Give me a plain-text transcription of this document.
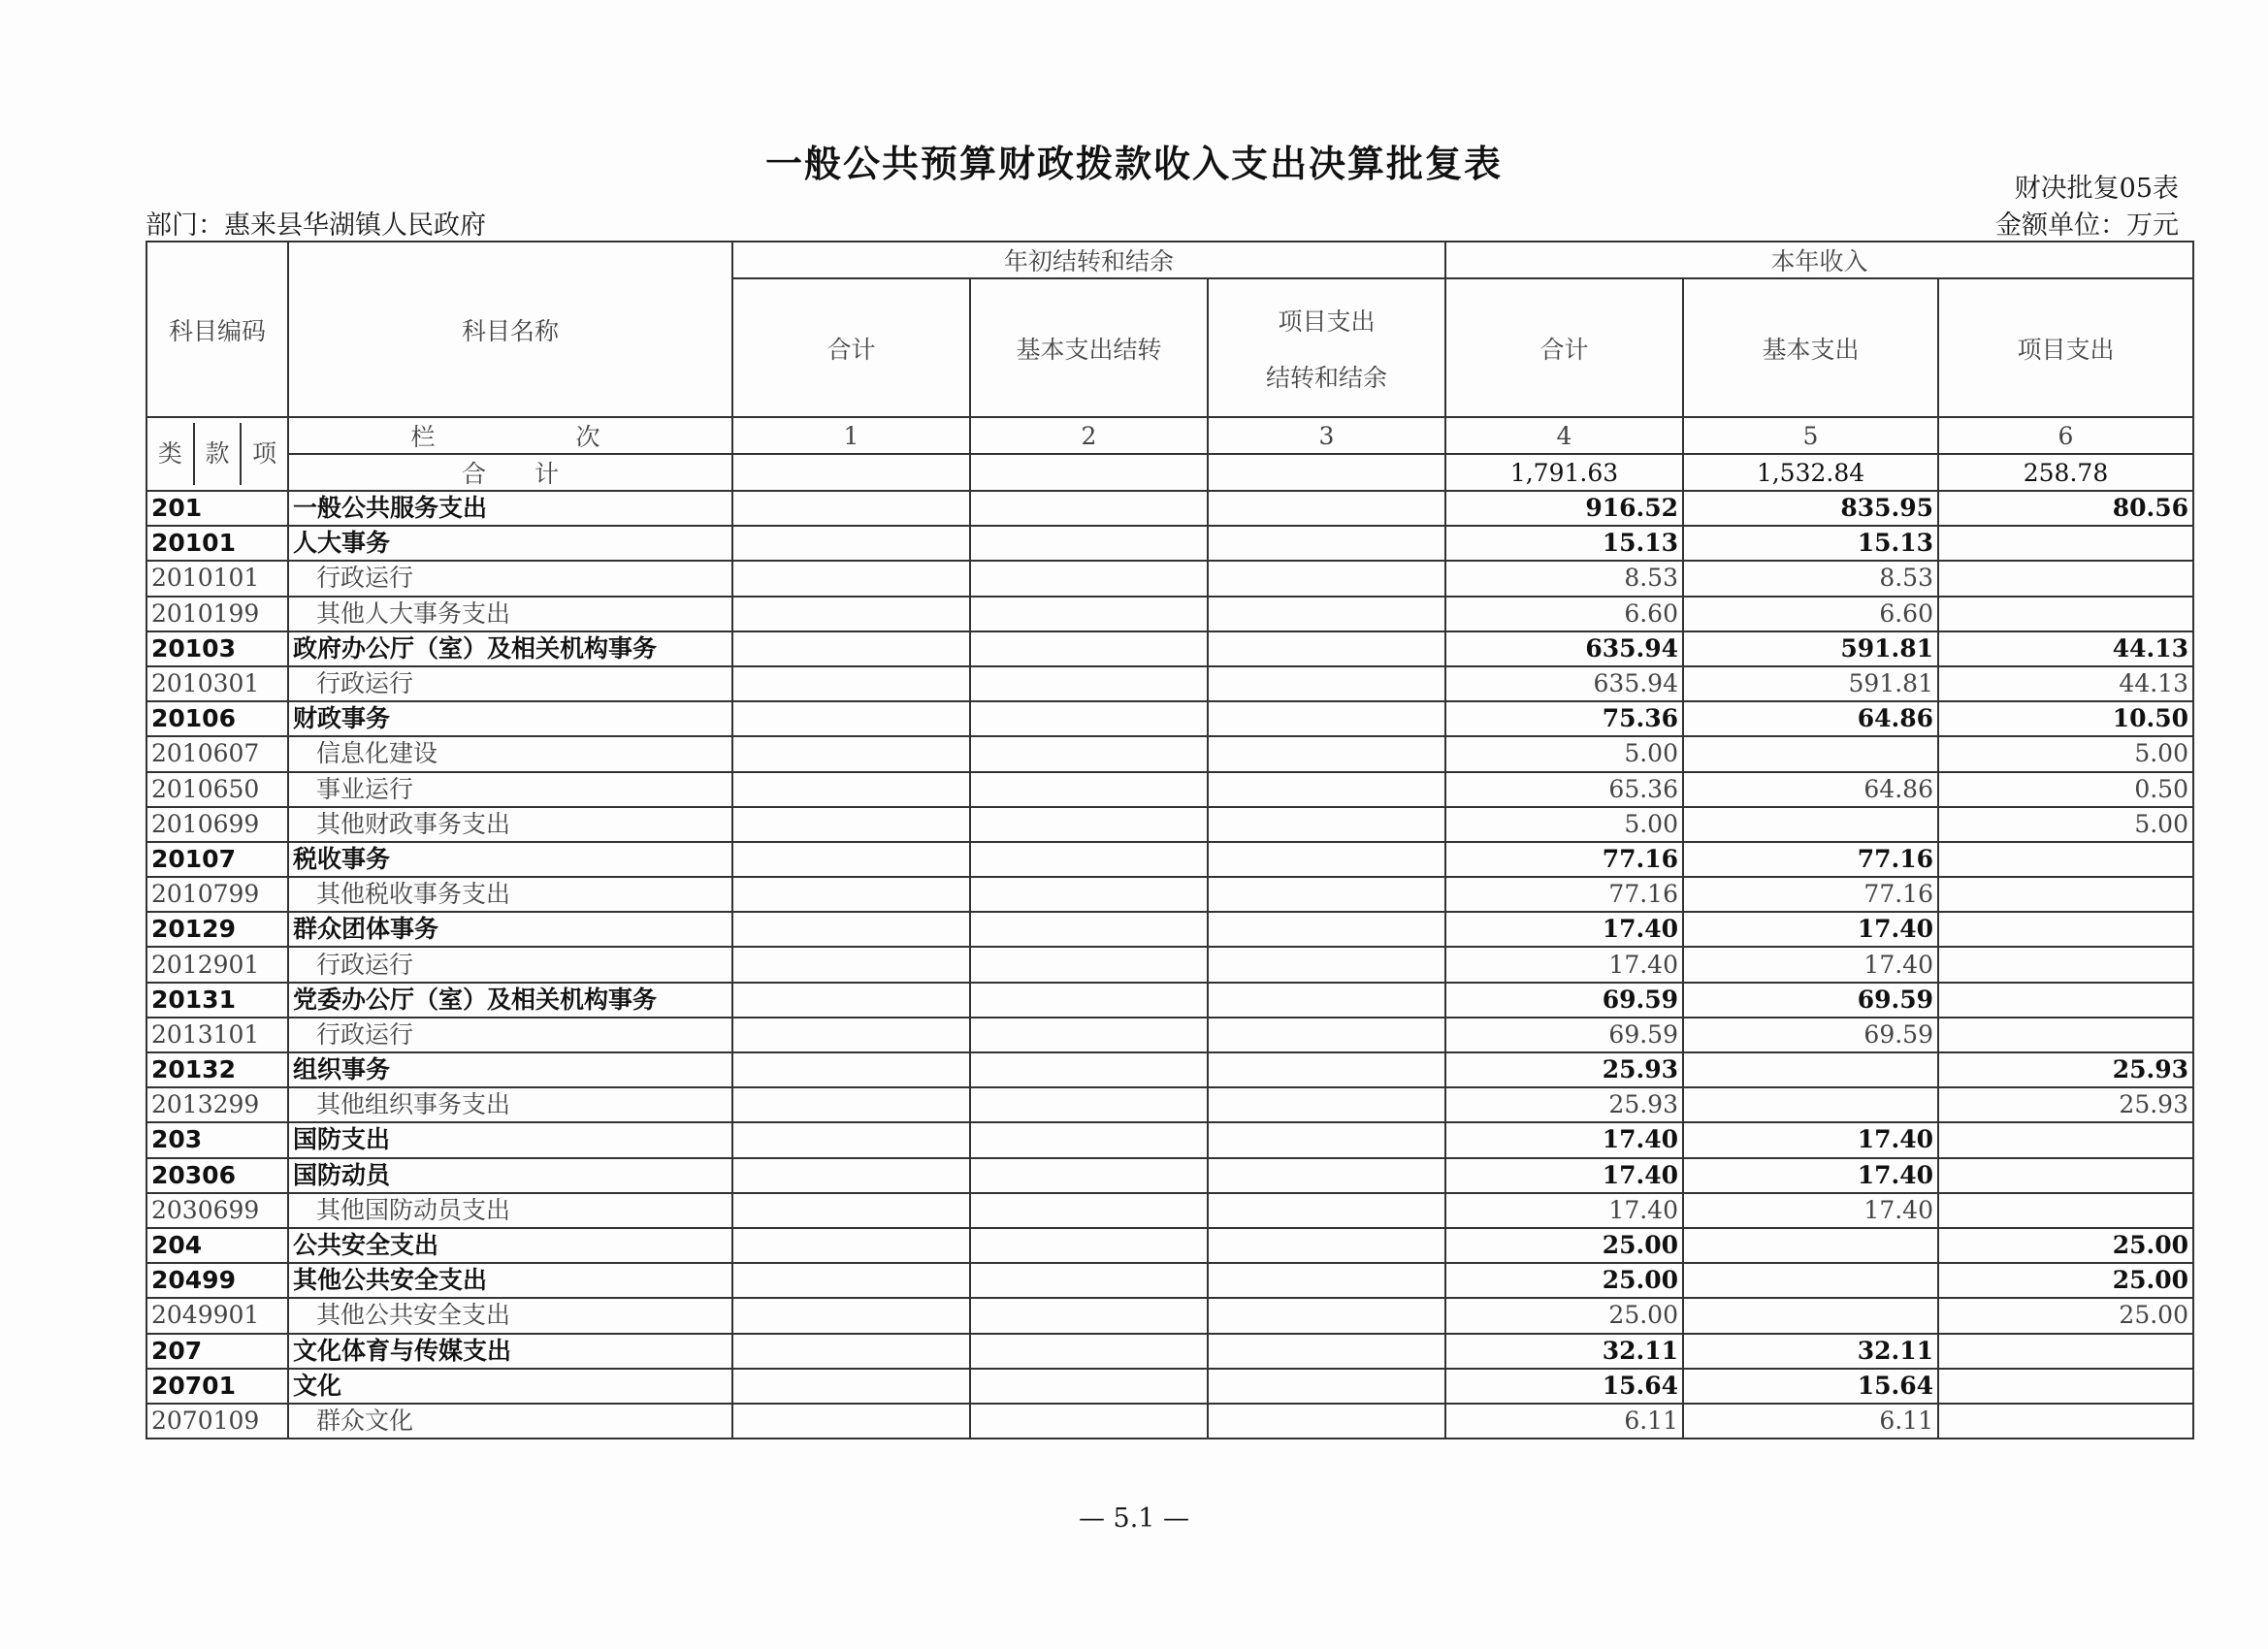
一般公共预算财政拨款收入支出决算批复表
财决批复05表
部门：惠来县华湖镇人民政府	金额单位：万元
科目编码	科目名称	年初结转和结余			本年收入		
		合计	基本支出结转	项目支出
结转和结余	合计	基本支出	项目支出

类 款 项	栏　次	1	2	3	4	5	6
	合　　计				1,791.63	1,532.84	258.78
201	一般公共服务支出				916.52	835.95	80.56
20101	人大事务				15.13	15.13	
2010101	行政运行				8.53	8.53	
2010199	其他人大事务支出				6.60	6.60	
20103	政府办公厅（室）及相关机构事务				635.94	591.81	44.13
2010301	行政运行				635.94	591.81	44.13
20106	财政事务				75.36	64.86	10.50
2010607	信息化建设				5.00		5.00
2010650	事业运行				65.36	64.86	0.50
2010699	其他财政事务支出				5.00		5.00
20107	税收事务				77.16	77.16	
2010799	其他税收事务支出				77.16	77.16	
20129	群众团体事务				17.40	17.40	
2012901	行政运行				17.40	17.40	
20131	党委办公厅（室）及相关机构事务				69.59	69.59	
2013101	行政运行				69.59	69.59	
20132	组织事务				25.93		25.93
2013299	其他组织事务支出				25.93		25.93
203	国防支出				17.40	17.40	
20306	国防动员				17.40	17.40	
2030699	其他国防动员支出				17.40	17.40	
204	公共安全支出				25.00		25.00
20499	其他公共安全支出				25.00		25.00
2049901	其他公共安全支出				25.00		25.00
207	文化体育与传媒支出				32.11	32.11	
20701	文化				15.64	15.64	
2070109	群众文化				6.11	6.11	
— 5.1 —
